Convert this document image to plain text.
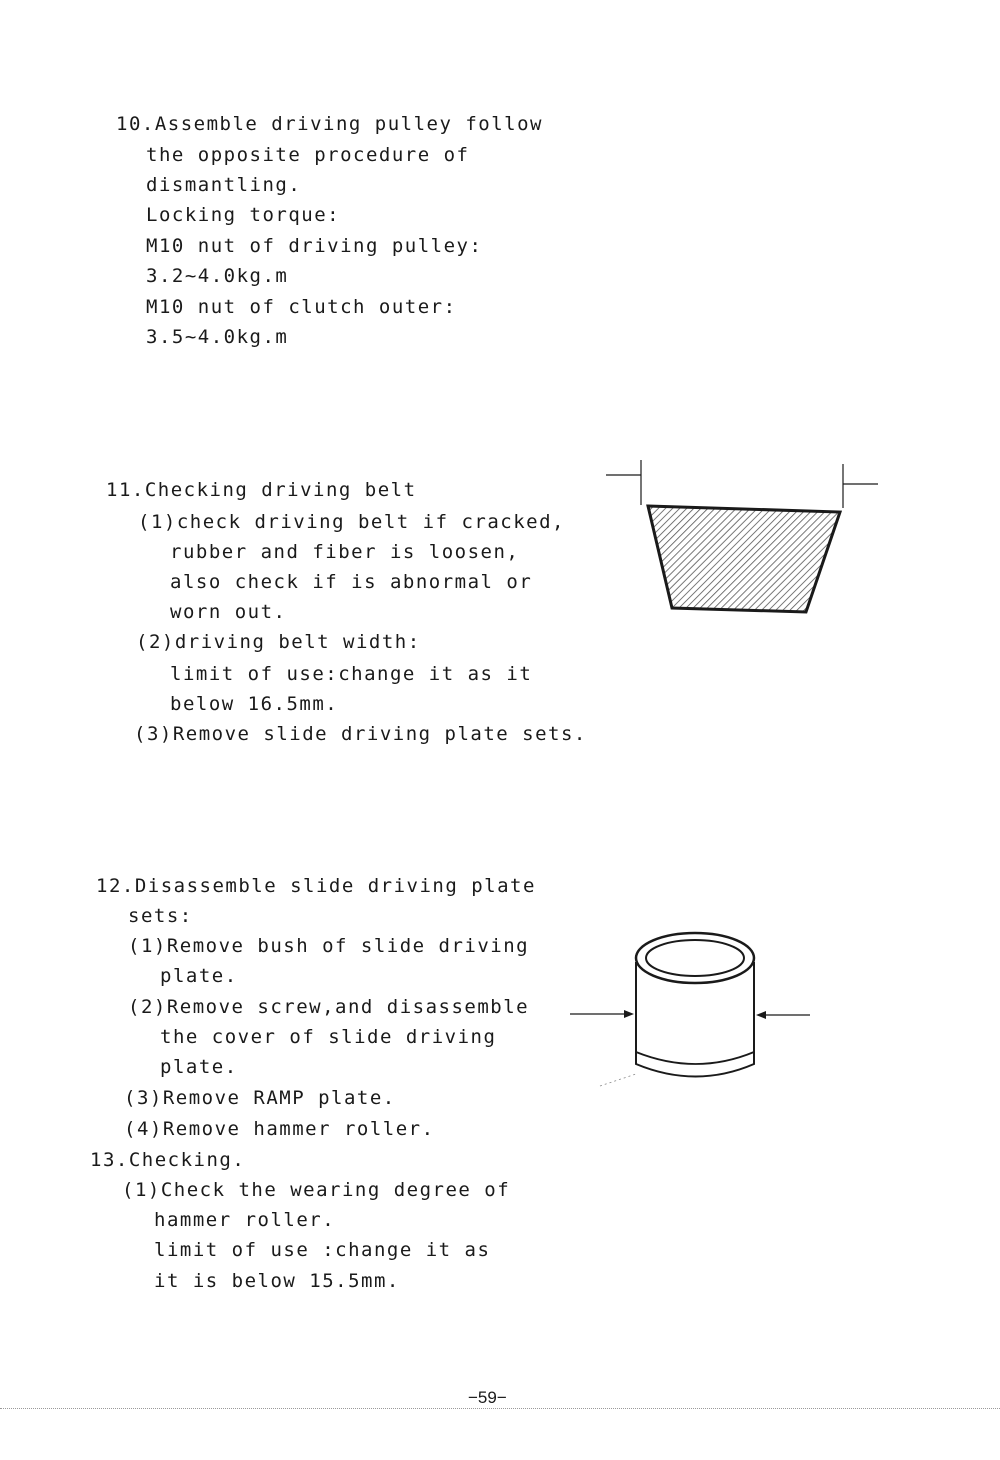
10.Assemble driving pulley follow
the opposite procedure of
dismantling.
Locking torque:
M10 nut of driving pulley:
3.2~4.0kg.m
M10 nut of clutch outer:
3.5~4.0kg.m
11.Checking driving belt
(1)check driving belt if cracked,
rubber and fiber is loosen,
also check if is abnormal or
worn out.
(2)driving belt width:
limit of use:change it as it
below 16.5mm.
(3)Remove slide driving plate sets.
12.Disassemble slide driving plate
sets:
(1)Remove bush of slide driving
plate.
(2)Remove screw,and disassemble
the cover of slide driving
plate.
(3)Remove RAMP plate.
(4)Remove hammer roller.
13.Checking.
(1)Check the wearing degree of
hammer roller.
limit of use :change it as
it is below 15.5mm.
−59−
